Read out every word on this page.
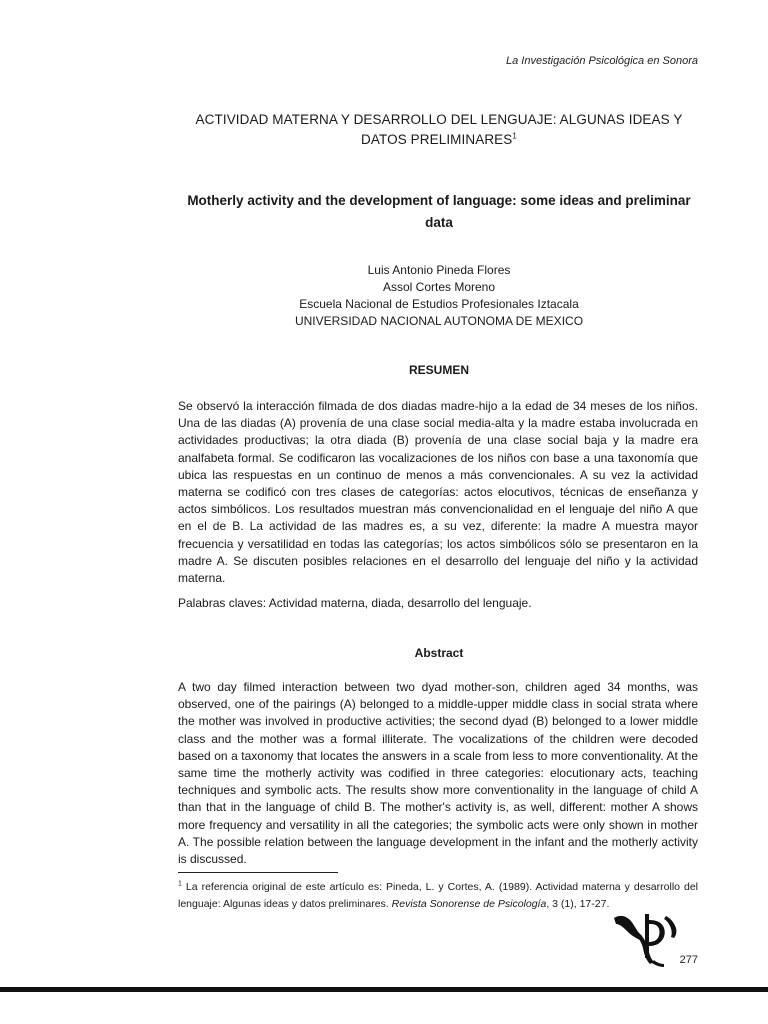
La Investigación Psicológica en Sonora
ACTIVIDAD MATERNA Y DESARROLLO DEL LENGUAJE: ALGUNAS IDEAS Y DATOS PRELIMINARES$^1$
Motherly activity and the development of language: some ideas and preliminar data
Luis Antonio Pineda Flores
Assol Cortes Moreno
Escuela Nacional de Estudios Profesionales Iztacala
UNIVERSIDAD NACIONAL AUTONOMA DE MEXICO
RESUMEN
Se observó la interacción filmada de dos diadas madre-hijo a la edad de 34 meses de los niños. Una de las diadas (A) provenía de una clase social media-alta y la madre estaba involucrada en actividades productivas; la otra diada (B) provenía de una clase social baja y la madre era analfabeta formal. Se codificaron las vocalizaciones de los niños con base a una taxonomía que ubica las respuestas en un continuo de menos a más convencionales. A su vez la actividad materna se codificó con tres clases de categorías: actos elocutivos, técnicas de enseñanza y actos simbólicos. Los resultados muestran más convencionalidad en el lenguaje del niño A que en el de B. La actividad de las madres es, a su vez, diferente: la madre A muestra mayor frecuencia y versatilidad en todas las categorías; los actos simbólicos sólo se presentaron en la madre A. Se discuten posibles relaciones en el desarrollo del lenguaje del niño y la actividad materna.
Palabras claves: Actividad materna, diada, desarrollo del lenguaje.
Abstract
A two day filmed interaction between two dyad mother-son, children aged 34 months, was observed, one of the pairings (A) belonged to a middle-upper middle class in social strata where the mother was involved in productive activities; the second dyad (B) belonged to a lower middle class and the mother was a formal illiterate. The vocalizations of the children were decoded based on a taxonomy that locates the answers in a scale from less to more conventionality. At the same time the motherly activity was codified in three categories: elocutionary acts, teaching techniques and symbolic acts. The results show more conventionality in the language of child A than that in the language of child B. The mother's activity is, as well, different: mother A shows more frequency and versatility in all the categories; the symbolic acts were only shown in mother A. The possible relation between the language development in the infant and the motherly activity is discussed.
$^1$ La referencia original de este artículo es: Pineda, L. y Cortes, A. (1989). Actividad materna y desarrollo del lenguaje: Algunas ideas y datos preliminares. Revista Sonorense de Psicología, 3 (1), 17-27.
277
